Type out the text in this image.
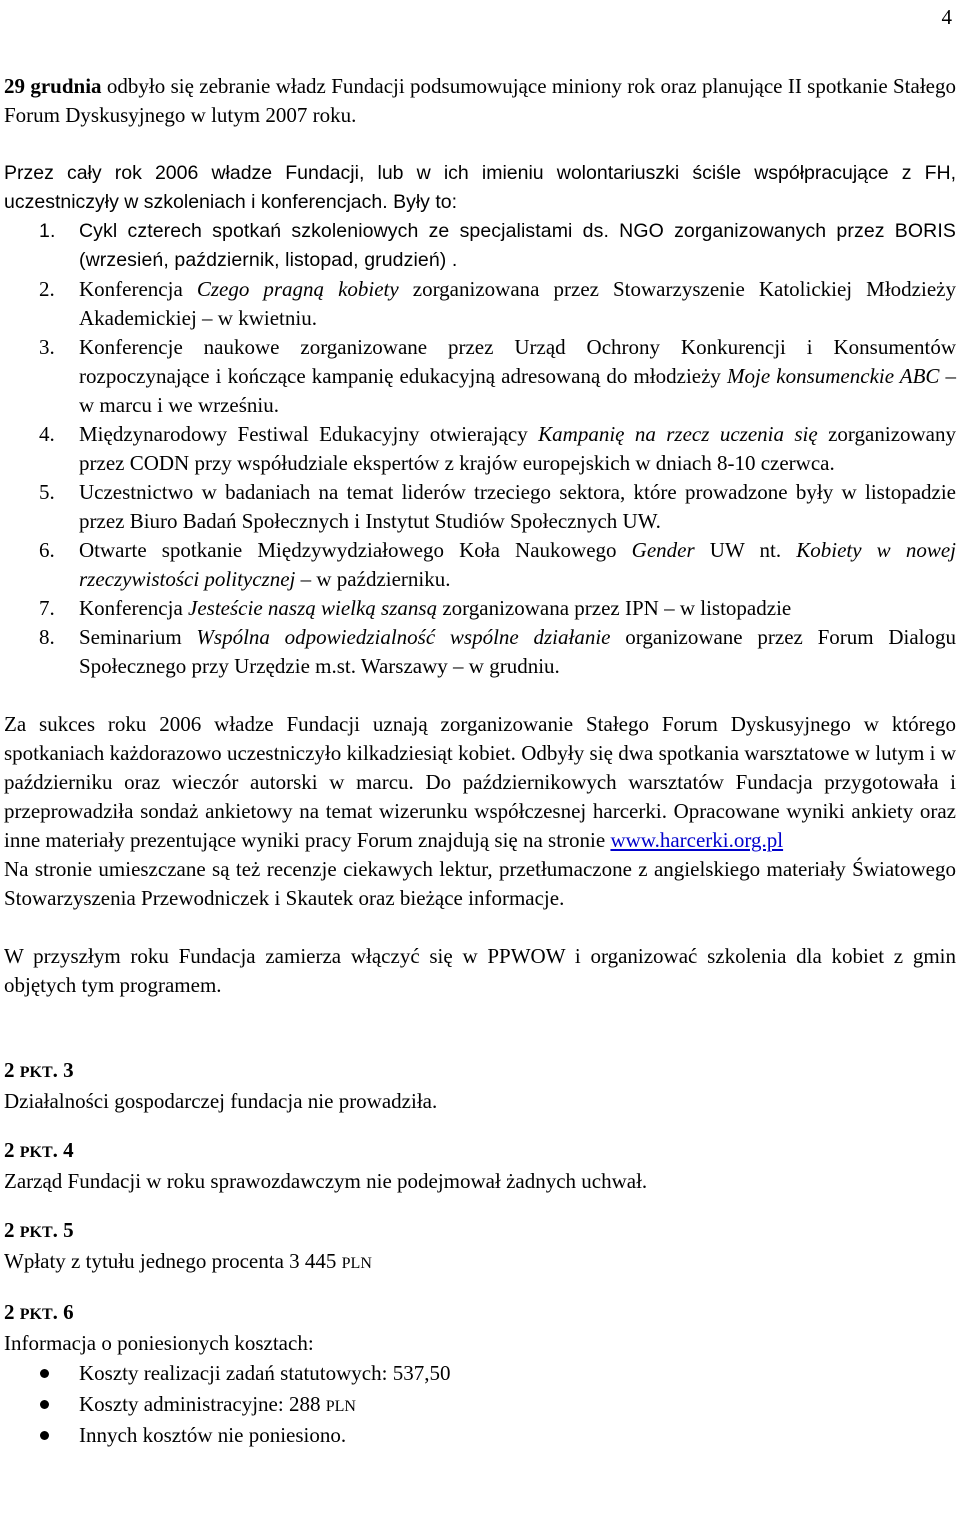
4

29 grudnia odbyło się zebranie władz Fundacji podsumowujące miniony rok oraz planujące II spotkanie Stałego Forum Dyskusyjnego w lutym 2007 roku.

Przez cały rok 2006 władze Fundacji, lub w ich imieniu wolontariuszki ściśle współpracujące z FH, uczestniczyły w szkoleniach i konferencjach. Były to:

1. Cykl czterech spotkań szkoleniowych ze specjalistami ds. NGO zorganizowanych przez BORIS (wrzesień, październik, listopad, grudzień) .
2. Konferencja Czego pragną kobiety zorganizowana przez Stowarzyszenie Katolickiej Młodzieży Akademickiej – w kwietniu.
3. Konferencje naukowe zorganizowane przez Urząd Ochrony Konkurencji i Konsumentów rozpoczynające i kończące kampanię edukacyjną adresowaną do młodzieży Moje konsumenckie ABC – w marcu i we wrześniu.
4. Międzynarodowy Festiwal Edukacyjny otwierający Kampanię na rzecz uczenia się zorganizowany przez CODN przy współudziale ekspertów z krajów europejskich w dniach 8-10 czerwca.
5. Uczestnictwo w badaniach na temat liderów trzeciego sektora, które prowadzone były w listopadzie przez Biuro Badań Społecznych i Instytut Studiów Społecznych UW.
6. Otwarte spotkanie Międzywydziałowego Koła Naukowego Gender UW nt. Kobiety w nowej rzeczywistości politycznej – w październiku.
7. Konferencja Jesteście naszą wielką szansą zorganizowana przez IPN – w listopadzie
8. Seminarium Wspólna odpowiedzialność wspólne działanie organizowane przez Forum Dialogu Społecznego przy Urzędzie m.st. Warszawy – w grudniu.

Za sukces roku 2006 władze Fundacji uznają zorganizowanie Stałego Forum Dyskusyjnego w którego spotkaniach każdorazowo uczestniczyło kilkadziesiąt kobiet. Odbyły się dwa spotkania warsztatowe w lutym i w październiku oraz wieczór autorski w marcu. Do październikowych warsztatów Fundacja przygotowała i przeprowadziła sondaż ankietowy na temat wizerunku współczesnej harcerki. Opracowane wyniki ankiety oraz inne materiały prezentujące wyniki pracy Forum znajdują się na stronie www.harcerki.org.pl

Na stronie umieszczane są też recenzje ciekawych lektur, przetłumaczone z angielskiego materiały Światowego Stowarzyszenia Przewodniczek i Skautek oraz bieżące informacje.

W przyszłym roku Fundacja zamierza włączyć się w PPWOW i organizować szkolenia dla kobiet z gmin objętych tym programem.

2 PKT. 3

Działalności gospodarczej fundacja nie prowadziła.

2 PKT. 4

Zarząd Fundacji w roku sprawozdawczym nie podejmował żadnych uchwał.

2 PKT. 5

Wpłaty z tytułu jednego procenta 3 445 PLN

2 PKT. 6

Informacja o poniesionych kosztach:

Koszty realizacji zadań statutowych: 537,50
Koszty administracyjne: 288 PLN
Innych kosztów nie poniesiono.
